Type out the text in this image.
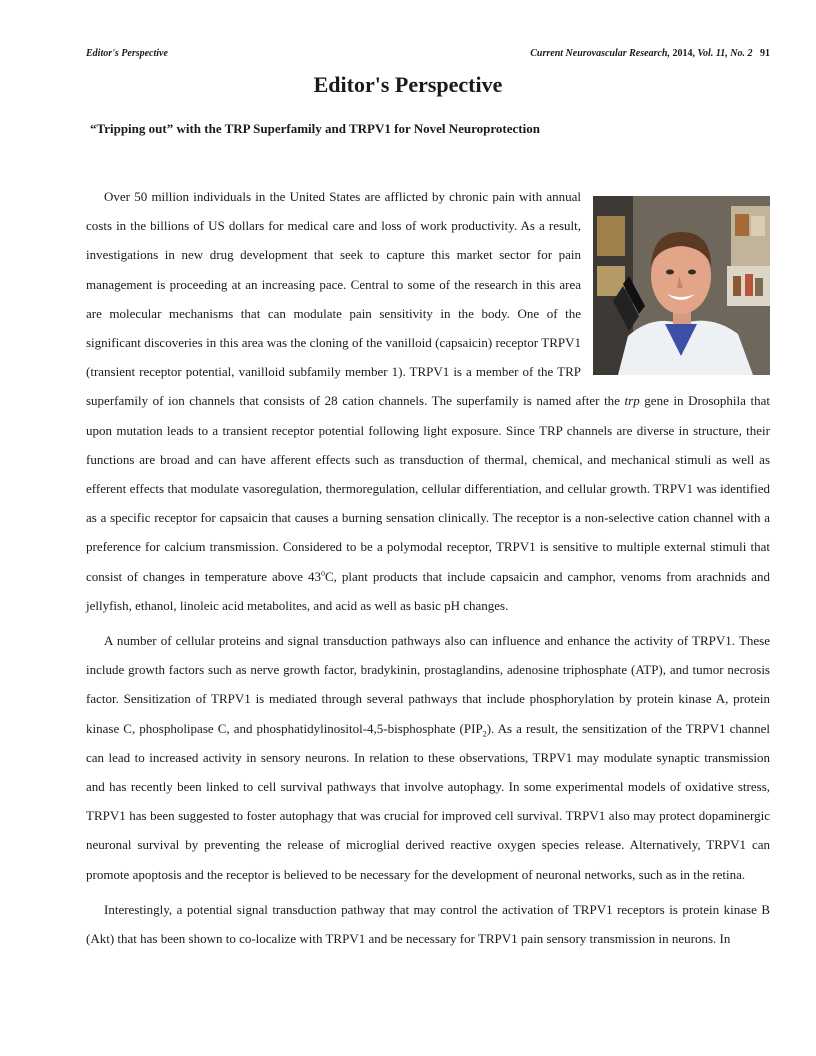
Editor's Perspective	Current Neurovascular Research, 2014, Vol. 11, No. 2 91
Editor's Perspective
“Tripping out” with the TRP Superfamily and TRPV1 for Novel Neuroprotection

Over 50 million individuals in the United States are afflicted by chronic pain with annual costs in the billions of US dollars for medical care and loss of work productivity. As a result, investigations in new drug development that seek to capture this market sector for pain management is proceeding at an increasing pace. Central to some of the research in this area are molecular mechanisms that can modulate pain sensitivity in the body. One of the significant discoveries in this area was the cloning of the vanilloid (capsaicin) receptor TRPV1 (transient receptor potential, vanilloid subfamily member 1). TRPV1 is a member of the TRP superfamily of ion channels that consists of 28 cation channels. The superfamily is named after the trp gene in Drosophila that upon mutation leads to a transient receptor potential following light exposure. Since TRP channels are diverse in structure, their functions are broad and can have afferent effects such as transduction of thermal, chemical, and mechanical stimuli as well as efferent effects that modulate vasoregulation, thermoregulation, cellular differentiation, and cellular growth. TRPV1 was identified as a specific receptor for capsaicin that causes a burning sensation clinically. The receptor is a non-selective cation channel with a preference for calcium transmission. Considered to be a polymodal receptor, TRPV1 is sensitive to multiple external stimuli that consist of changes in temperature above 43$^o$C, plant products that include capsaicin and camphor, venoms from arachnids and jellyfish, ethanol, linoleic acid metabolites, and acid as well as basic pH changes.

A number of cellular proteins and signal transduction pathways also can influence and enhance the activity of TRPV1. These include growth factors such as nerve growth factor, bradykinin, prostaglandins, adenosine triphosphate (ATP), and tumor necrosis factor. Sensitization of TRPV1 is mediated through several pathways that include phosphorylation by protein kinase A, protein kinase C, phospholipase C, and phosphatidylinositol-4,5-bisphosphate $(PIP_2)$. As a result, the sensitization of the TRPV1 channel can lead to increased activity in sensory neurons. In relation to these observations, TRPV1 may modulate synaptic transmission and has recently been linked to cell survival pathways that involve autophagy. In some experimental models of oxidative stress, TRPV1 has been suggested to foster autophagy that was crucial for improved cell survival. TRPV1 also may protect dopaminergic neuronal survival by preventing the release of microglial derived reactive oxygen species release. Alternatively, TRPV1 can promote apoptosis and the receptor is believed to be necessary for the development of neuronal networks, such as in the retina.

Interestingly, a potential signal transduction pathway that may control the activation of TRPV1 receptors is protein kinase B (Akt) that has been shown to co-localize with TRPV1 and be necessary for TRPV1 pain sensory transmission in neurons. In
